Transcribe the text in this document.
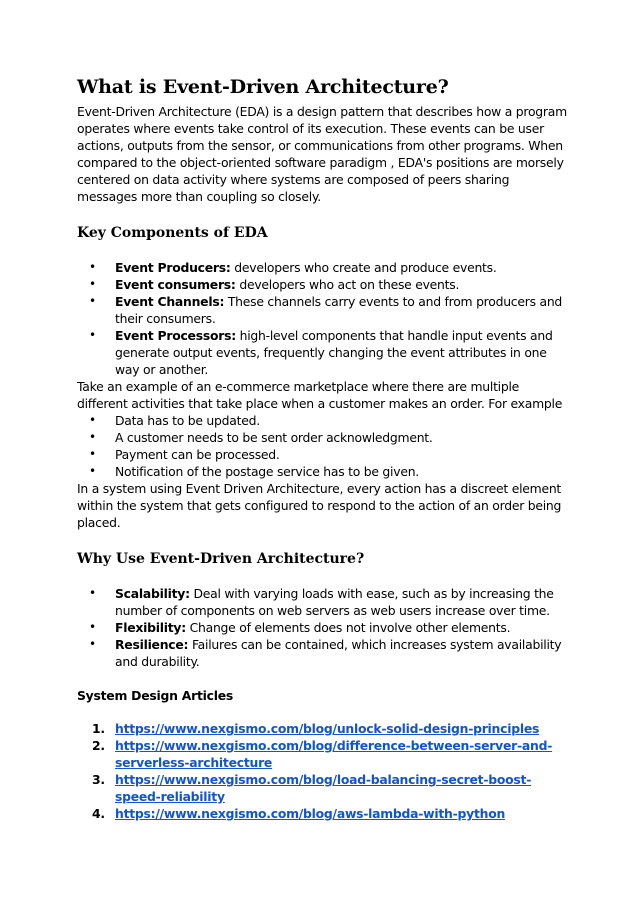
What is Event-Driven Architecture?

Event-Driven Architecture (EDA) is a design pattern that describes how a program operates where events take control of its execution. These events can be user actions, outputs from the sensor, or communications from other programs. When compared to the object-oriented software paradigm , EDA's positions are morsely centered on data activity where systems are composed of peers sharing messages more than coupling so closely.

Key Components of EDA
• Event Producers: developers who create and produce events.
• Event consumers: developers who act on these events.
• Event Channels: These channels carry events to and from producers and their consumers.
• Event Processors: high-level components that handle input events and generate output events, frequently changing the event attributes in one way or another.

Take an example of an e-commerce marketplace where there are multiple different activities that take place when a customer makes an order. For example

• Data has to be updated.
• A customer needs to be sent order acknowledgment.
• Payment can be processed.
• Notification of the postage service has to be given.

In a system using Event Driven Architecture, every action has a discreet element within the system that gets configured to respond to the action of an order being placed.

Why Use Event-Driven Architecture?
• Scalability: Deal with varying loads with ease, such as by increasing the number of components on web servers as web users increase over time.
• Flexibility: Change of elements does not involve other elements.
• Resilience: Failures can be contained, which increases system availability and durability.

System Design Articles

1. https://www.nexgismo.com/blog/unlock-solid-design-principles
2. https://www.nexgismo.com/blog/difference-between-server-and-serverless-architecture
3. https://www.nexgismo.com/blog/load-balancing-secret-boost-speed-reliability
4. https://www.nexgismo.com/blog/aws-lambda-with-python
